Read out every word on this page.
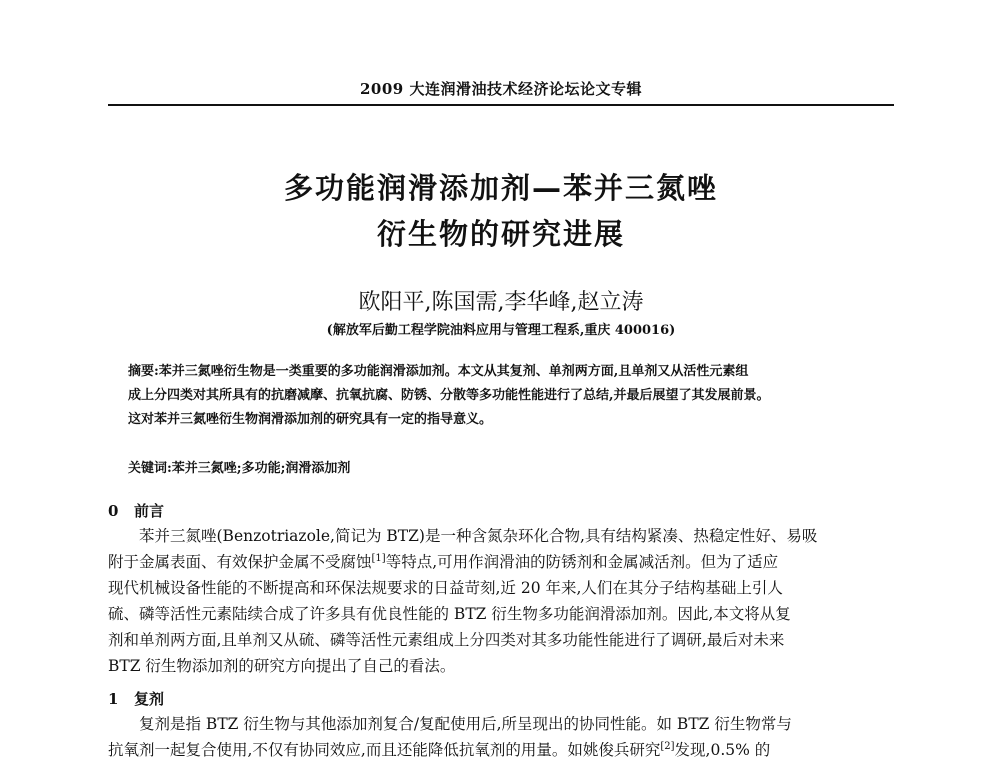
2009 大连润滑油技术经济论坛论文专辑
多功能润滑添加剂—苯并三氮唑
衍生物的研究进展
欧阳平,陈国需,李华峰,赵立涛
(解放军后勤工程学院油料应用与管理工程系,重庆 400016)
摘要:苯并三氮唑衍生物是一类重要的多功能润滑添加剂。本文从其复剂、单剂两方面,且单剂又从活性元素组
成上分四类对其所具有的抗磨减摩、抗氧抗腐、防锈、分散等多功能性能进行了总结,并最后展望了其发展前景。
这对苯并三氮唑衍生物润滑添加剂的研究具有一定的指导意义。
关键词:苯并三氮唑;多功能;润滑添加剂
0 前言
苯并三氮唑(Benzotriazole,简记为 BTZ)是一种含氮杂环化合物,具有结构紧凑、热稳定性好、易吸
附于金属表面、有效保护金属不受腐蚀[1]等特点,可用作润滑油的防锈剂和金属减活剂。但为了适应
现代机械设备性能的不断提高和环保法规要求的日益苛刻,近 20 年来,人们在其分子结构基础上引人
硫、磷等活性元素陆续合成了许多具有优良性能的 BTZ 衍生物多功能润滑添加剂。因此,本文将从复
剂和单剂两方面,且单剂又从硫、磷等活性元素组成上分四类对其多功能性能进行了调研,最后对未来
BTZ 衍生物添加剂的研究方向提出了自己的看法。
1 复剂
复剂是指 BTZ 衍生物与其他添加剂复合/复配使用后,所呈现出的协同性能。如 BTZ 衍生物常与
抗氧剂一起复合使用,不仅有协同效应,而且还能降低抗氧剂的用量。如姚俊兵研究[2]发现,0.5% 的
